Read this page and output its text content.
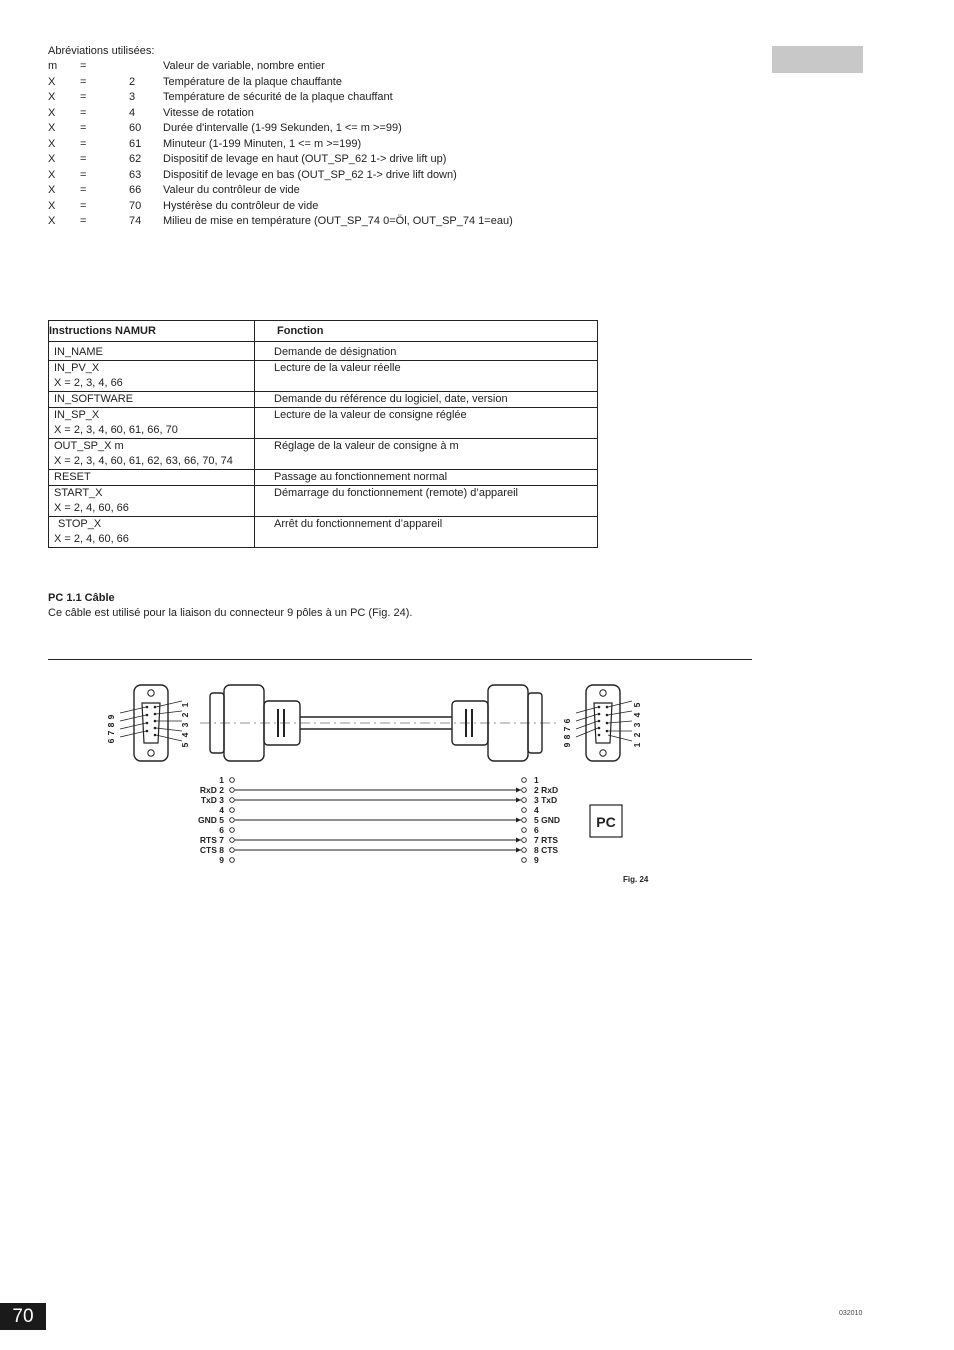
Abréviations utilisées:
m =	Valeur de variable, nombre entier
X =	2	Température de la plaque chauffante
X =	3	Température de sécurité de la plaque chauffant
X =	4	Vitesse de rotation
X =	60 Durée d'intervalle (1-99 Sekunden, 1 <= m >=99)
X =	61 Minuteur (1-199 Minuten, 1 <= m >=199)
X =	62 Dispositif de levage en haut (OUT_SP_62 1-> drive lift up)
X =	63 Dispositif de levage en bas (OUT_SP_62 1-> drive lift down)
X =	66 Valeur du contrôleur de vide
X =	70 Hystérèse du contrôleur de vide
X =	74 Milieu de mise en température (OUT_SP_74 0=Öl, OUT_SP_74 1=eau)
Instructions NAMUR	Fonction

IN_NAME	Demande de désignation

IN_PV_X
X = 2, 3, 4, 66	Lecture de la valeur réelle

IN_SOFTWARE	Demande du référence du logiciel, date, version

IN_SP_X
X = 2, 3, 4, 60, 61, 66, 70	Lecture de la valeur de consigne réglée

OUT_SP_X m
X = 2, 3, 4, 60, 61, 62, 63, 66, 70, 74	Réglage de la valeur de consigne à m

RESET	Passage au fonctionnement normal

START_X
X = 2, 4, 60, 66	Démarrage du fonctionnement (remote) d’appareil

STOP_X
X = 2, 4, 60, 66	Arrêt du fonctionnement d’appareil
PC 1.1 Câble
Ce câble est utilisé pour la liaison du connecteur 9 pôles à un PC (Fig. 24).
9
8
7
6
5
4
3
2
1	5
4
3
2
1
9
8
7
6
1	1
RxD 2	2 RxD
TxD 3	3 TxD
4	4
GND 5	5 GND
6	6
RTS 7	7 RTS
CTS 8	8 CTS
9	9
PC
Fig. 24
70	032010
